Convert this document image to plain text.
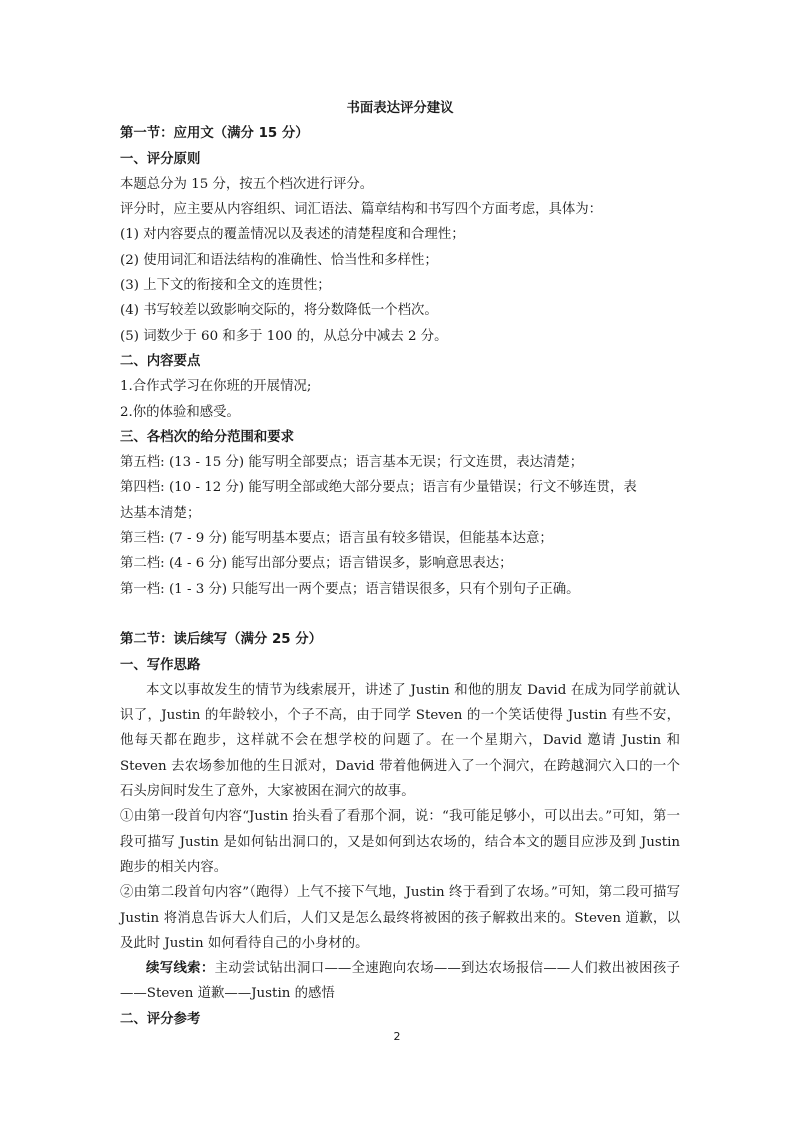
书面表达评分建议
第一节：应用文（满分 15 分）
一、评分原则
本题总分为 15 分，按五个档次进行评分。
评分时，应主要从内容组织、词汇语法、篇章结构和书写四个方面考虑，具体为：
(1) 对内容要点的覆盖情况以及表述的清楚程度和合理性；
(2) 使用词汇和语法结构的准确性、恰当性和多样性；
(3) 上下文的衔接和全文的连贯性；
(4) 书写较差以致影响交际的，将分数降低一个档次。
(5) 词数少于 60 和多于 100 的，从总分中减去 2 分。
二、内容要点
1.合作式学习在你班的开展情况;
2.你的体验和感受。
三、各档次的给分范围和要求
第五档: (13 - 15 分) 能写明全部要点；语言基本无误；行文连贯，表达清楚；
第四档: (10 - 12 分) 能写明全部或绝大部分要点；语言有少量错误；行文不够连贯，表
达基本清楚；
第三档: (7 - 9 分) 能写明基本要点；语言虽有较多错误，但能基本达意；
第二档: (4 - 6 分) 能写出部分要点；语言错误多，影响意思表达；
第一档: (1 - 3 分) 只能写出一两个要点；语言错误很多，只有个别句子正确。
第二节：读后续写（满分 25 分）
一、写作思路
本文以事故发生的情节为线索展开，讲述了 Justin 和他的朋友 David 在成为同学前就认识了，Justin 的年龄较小，个子不高，由于同学 Steven 的一个笑话使得 Justin 有些不安，他每天都在跑步，这样就不会在想学校的问题了。在一个星期六，David 邀请 Justin 和 Steven 去农场参加他的生日派对，David 带着他俩进入了一个洞穴，在跨越洞穴入口的一个石头房间时发生了意外，大家被困在洞穴的故事。
①由第一段首句内容“Justin 抬头看了看那个洞，说：“我可能足够小，可以出去。”可知，第一段可描写 Justin 是如何钻出洞口的，又是如何到达农场的，结合本文的题目应涉及到 Justin 跑步的相关内容。
②由第二段首句内容”（跑得）上气不接下气地，Justin 终于看到了农场。”可知，第二段可描写 Justin 将消息告诉大人们后，人们又是怎么最终将被困的孩子解救出来的。Steven 道歉，以及此时 Justin 如何看待自己的小身材的。
续写线索：主动尝试钻出洞口——全速跑向农场——到达农场报信——人们救出被困孩子——Steven 道歉——Justin 的感悟
二、评分参考
2
